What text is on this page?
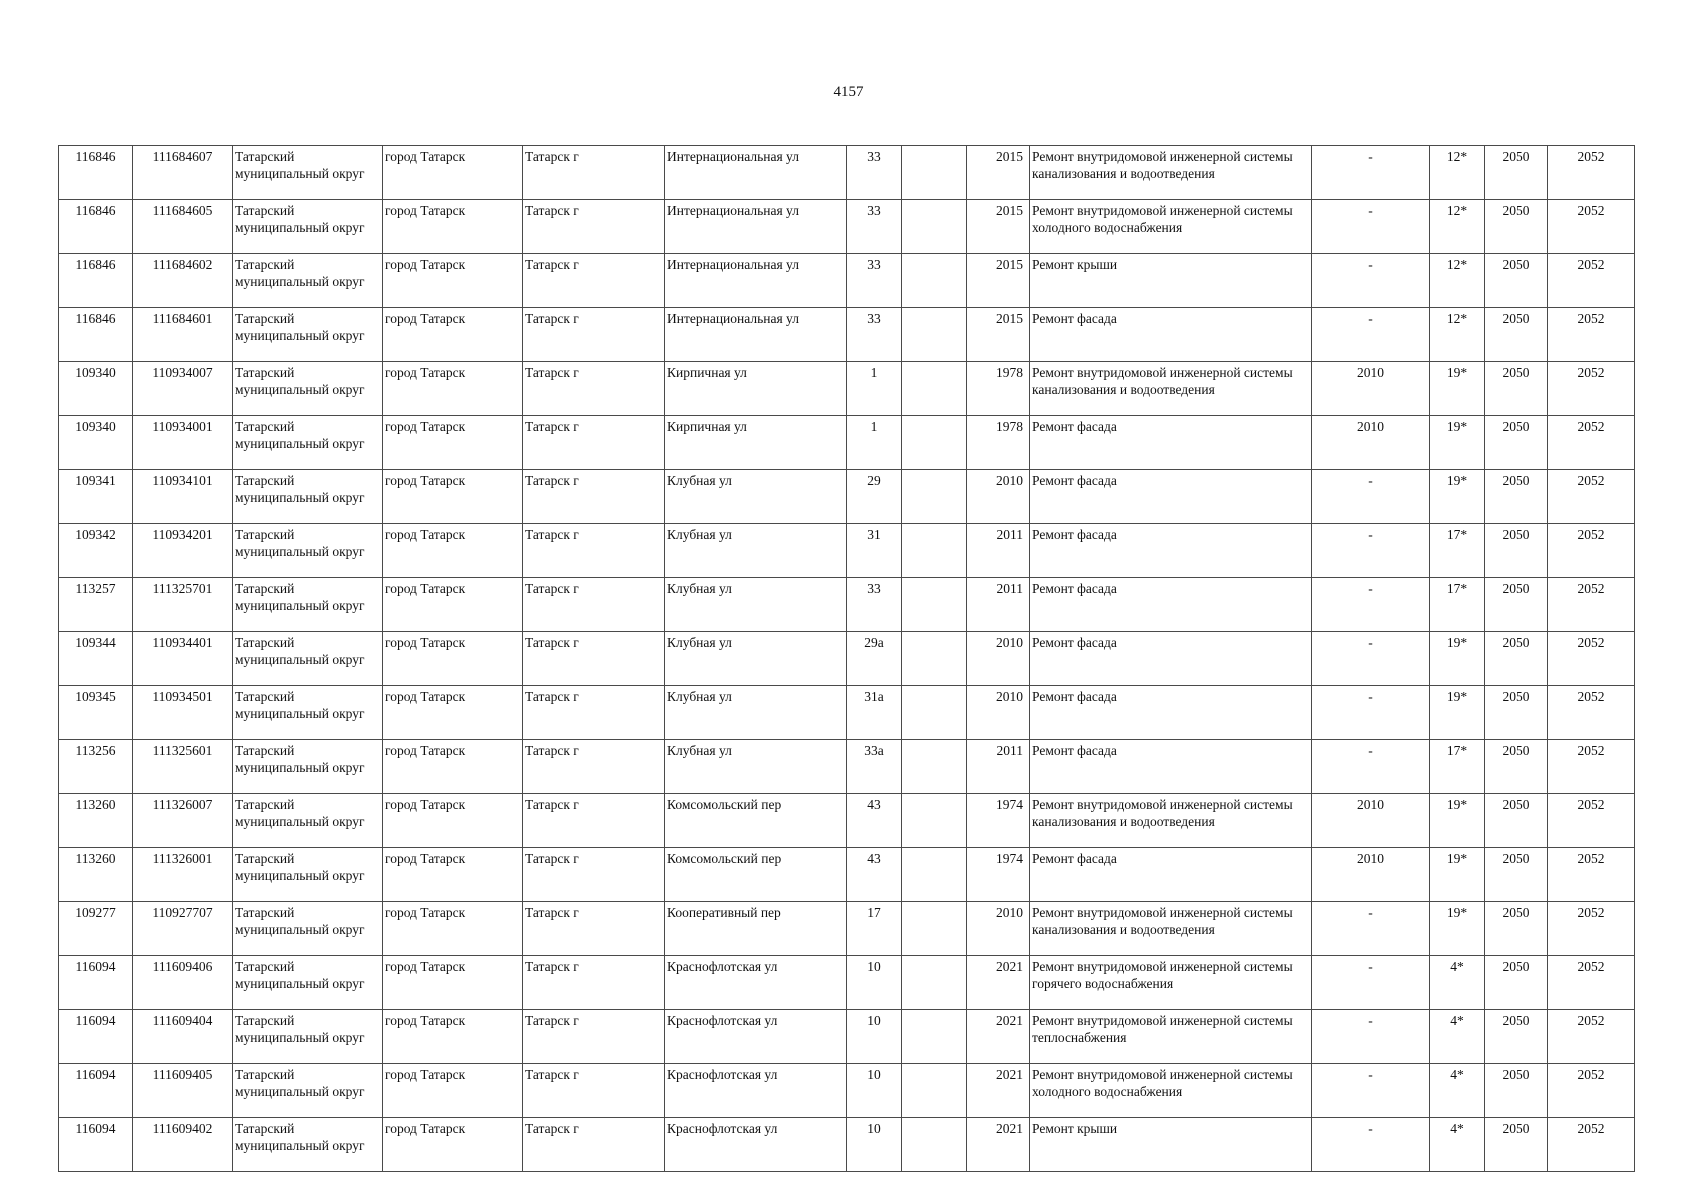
4157
116846	111684607	Татарский муниципальный округ	город Татарск	Татарск г	Интернациональная ул	33		2015	Ремонт внутридомовой инженерной системы канализования и водоотведения	-	12*	2050	2052
116846	111684605	Татарский муниципальный округ	город Татарск	Татарск г	Интернациональная ул	33		2015	Ремонт внутридомовой инженерной системы холодного водоснабжения	-	12*	2050	2052
116846	111684602	Татарский муниципальный округ	город Татарск	Татарск г	Интернациональная ул	33		2015	Ремонт крыши	-	12*	2050	2052
116846	111684601	Татарский муниципальный округ	город Татарск	Татарск г	Интернациональная ул	33		2015	Ремонт фасада	-	12*	2050	2052
109340	110934007	Татарский муниципальный округ	город Татарск	Татарск г	Кирпичная ул	1		1978	Ремонт внутридомовой инженерной системы канализования и водоотведения	2010	19*	2050	2052
109340	110934001	Татарский муниципальный округ	город Татарск	Татарск г	Кирпичная ул	1		1978	Ремонт фасада	2010	19*	2050	2052
109341	110934101	Татарский муниципальный округ	город Татарск	Татарск г	Клубная ул	29		2010	Ремонт фасада	-	19*	2050	2052
109342	110934201	Татарский муниципальный округ	город Татарск	Татарск г	Клубная ул	31		2011	Ремонт фасада	-	17*	2050	2052
113257	111325701	Татарский муниципальный округ	город Татарск	Татарск г	Клубная ул	33		2011	Ремонт фасада	-	17*	2050	2052
109344	110934401	Татарский муниципальный округ	город Татарск	Татарск г	Клубная ул	29а		2010	Ремонт фасада	-	19*	2050	2052
109345	110934501	Татарский муниципальный округ	город Татарск	Татарск г	Клубная ул	31а		2010	Ремонт фасада	-	19*	2050	2052
113256	111325601	Татарский муниципальный округ	город Татарск	Татарск г	Клубная ул	33а		2011	Ремонт фасада	-	17*	2050	2052
113260	111326007	Татарский муниципальный округ	город Татарск	Татарск г	Комсомольский пер	43		1974	Ремонт внутридомовой инженерной системы канализования и водоотведения	2010	19*	2050	2052
113260	111326001	Татарский муниципальный округ	город Татарск	Татарск г	Комсомольский пер	43		1974	Ремонт фасада	2010	19*	2050	2052
109277	110927707	Татарский муниципальный округ	город Татарск	Татарск г	Кооперативный пер	17		2010	Ремонт внутридомовой инженерной системы канализования и водоотведения	-	19*	2050	2052
116094	111609406	Татарский муниципальный округ	город Татарск	Татарск г	Краснофлотская ул	10		2021	Ремонт внутридомовой инженерной системы горячего водоснабжения	-	4*	2050	2052
116094	111609404	Татарский муниципальный округ	город Татарск	Татарск г	Краснофлотская ул	10		2021	Ремонт внутридомовой инженерной системы теплоснабжения	-	4*	2050	2052
116094	111609405	Татарский муниципальный округ	город Татарск	Татарск г	Краснофлотская ул	10		2021	Ремонт внутридомовой инженерной системы холодного водоснабжения	-	4*	2050	2052
116094	111609402	Татарский муниципальный округ	город Татарск	Татарск г	Краснофлотская ул	10		2021	Ремонт крыши	-	4*	2050	2052
